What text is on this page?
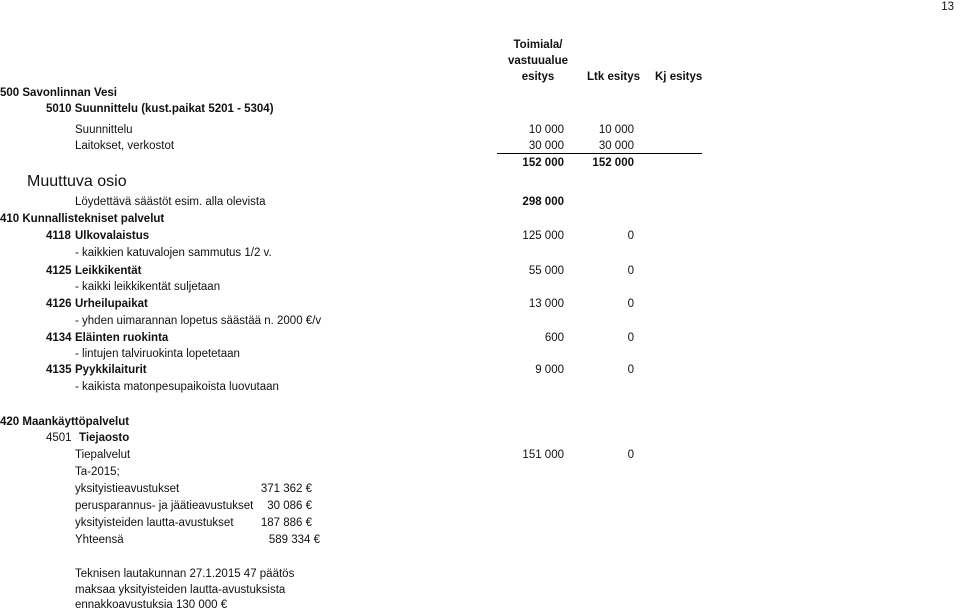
13
Toimiala/
vastuualue
esitys	Ltk esitys Kj esitys
500 Savonlinnan Vesi
5010 Suunnittelu (kust.paikat 5201 - 5304)
Suunnittelu	10 000	10 000
Laitokset, verkostot	30 000	30 000
152 000	152 000
Muuttuva osio
Löydettävä säästöt esim. alla olevista	298 000
410 Kunnallistekniset palvelut
4118 Ulkovalaistus	125 000	0
- kaikkien katuvalojen sammutus 1/2 v.
4125 Leikkikentät	55 000	0
- kaikki leikkikentät suljetaan
4126 Urheilupaikat	13 000	0
- yhden uimarannan lopetus säästää n. 2000 €/v
4134 Eläinten ruokinta	600	0
- lintujen talviruokinta lopetetaan
4135 Pyykkilaiturit	9 000	0
- kaikista matonpesupaikoista luovutaan
420 Maankäyttöpalvelut
4501 Tiejaosto
Tiepalvelut	151 000	0
Ta-2015;
yksityistieavustukset	371 362 €
perusparannus- ja jäätieavustukset	30 086 €
yksityisteiden lautta-avustukset	187 886 €
Yhteensä	589 334 €
Teknisen lautakunnan 27.1.2015 47 päätös
maksaa yksityisteiden lautta-avustuksista
ennakkoavustuksia 130 000 €
